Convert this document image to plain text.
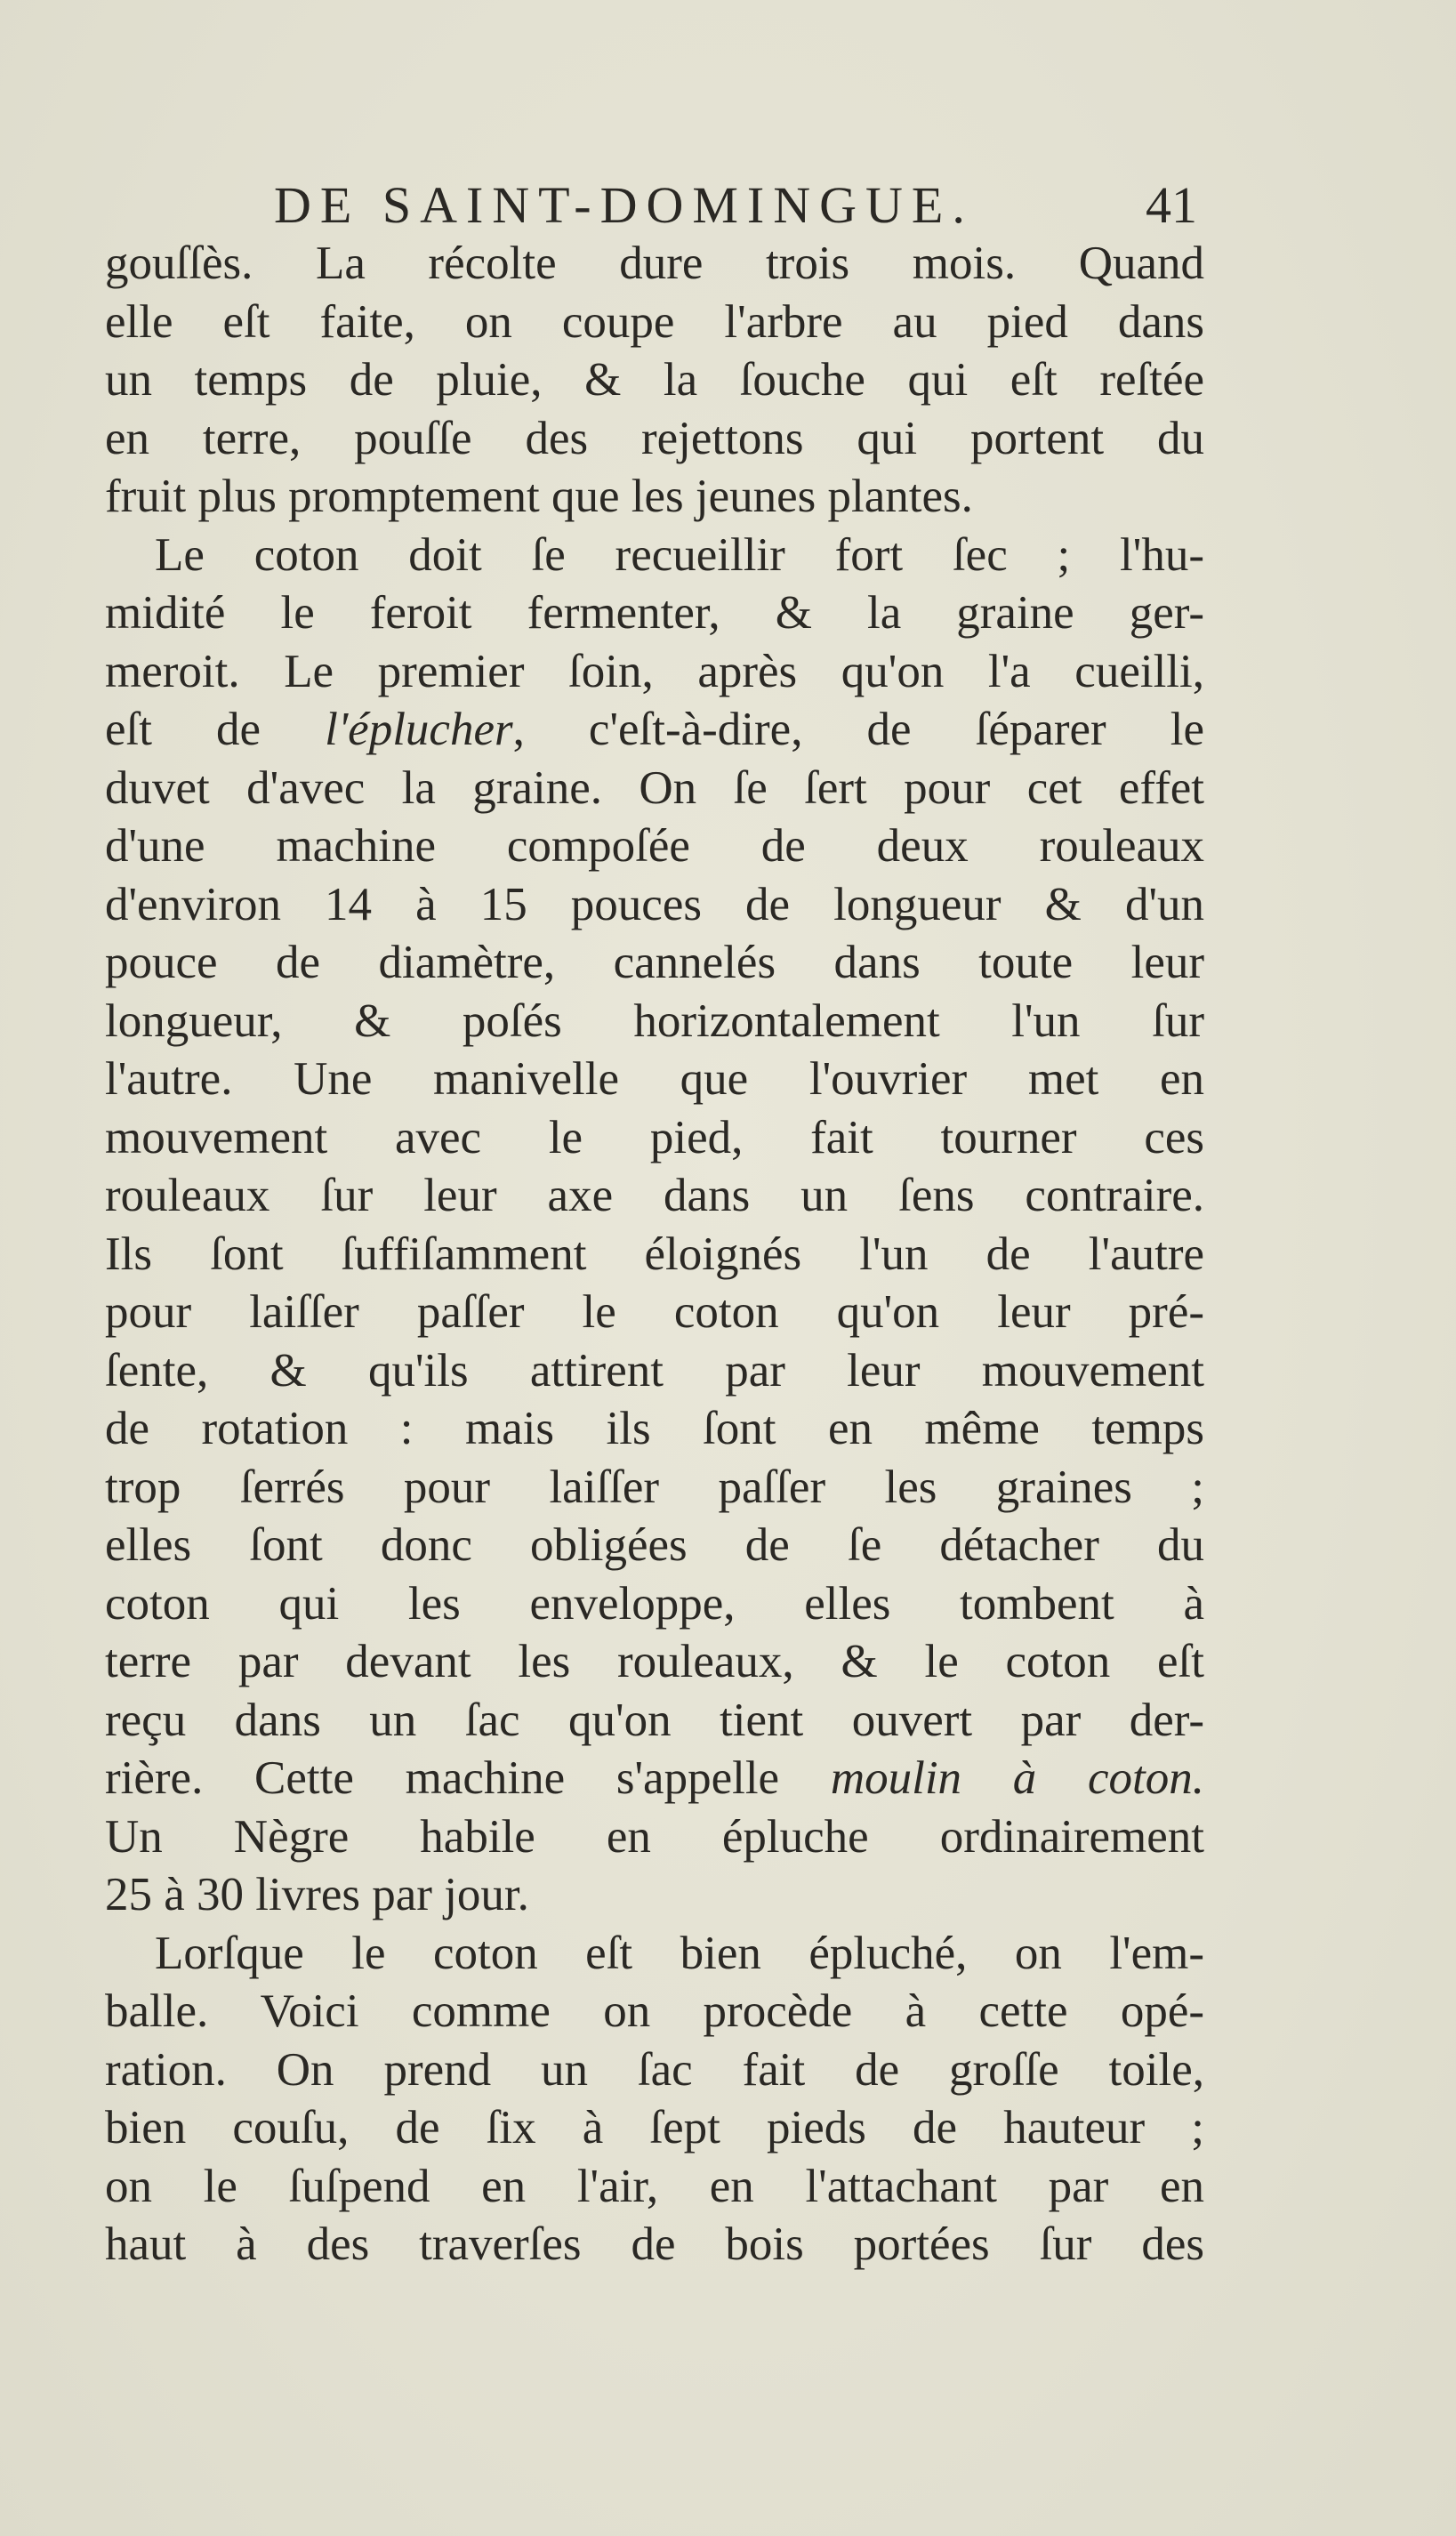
DE SAINT-DOMINGUE.	41
gouſſès. La récolte dure trois mois. Quand
elle eſt faite, on coupe l'arbre au pied dans
un temps de pluie, & la ſouche qui eſt reſtée
en terre, pouſſe des rejettons qui portent du
fruit plus promptement que les jeunes plantes.
Le coton doit ſe recueillir fort ſec ; l'hu-
midité le feroit fermenter, & la graine ger-
meroit. Le premier ſoin, après qu'on l'a cueilli,
eſt de l'éplucher, c'eſt-à-dire, de ſéparer le
duvet d'avec la graine. On ſe ſert pour cet effet
d'une machine compoſée de deux rouleaux
d'environ 14 à 15 pouces de longueur & d'un
pouce de diamètre, cannelés dans toute leur
longueur, & poſés horizontalement l'un ſur
l'autre. Une manivelle que l'ouvrier met en
mouvement avec le pied, fait tourner ces
rouleaux ſur leur axe dans un ſens contraire.
Ils ſont ſuffiſamment éloignés l'un de l'autre
pour laiſſer paſſer le coton qu'on leur pré-
ſente, & qu'ils attirent par leur mouvement
de rotation : mais ils ſont en même temps
trop ſerrés pour laiſſer paſſer les graines ;
elles ſont donc obligées de ſe détacher du
coton qui les enveloppe, elles tombent à
terre par devant les rouleaux, & le coton eſt
reçu dans un ſac qu'on tient ouvert par der-
rière. Cette machine s'appelle moulin à coton.
Un Nègre habile en épluche ordinairement
25 à 30 livres par jour.
Lorſque le coton eſt bien épluché, on l'em-
balle. Voici comme on procède à cette opé-
ration. On prend un ſac fait de groſſe toile,
bien couſu, de ſix à ſept pieds de hauteur ;
on le ſuſpend en l'air, en l'attachant par en
haut à des traverſes de bois portées ſur des
